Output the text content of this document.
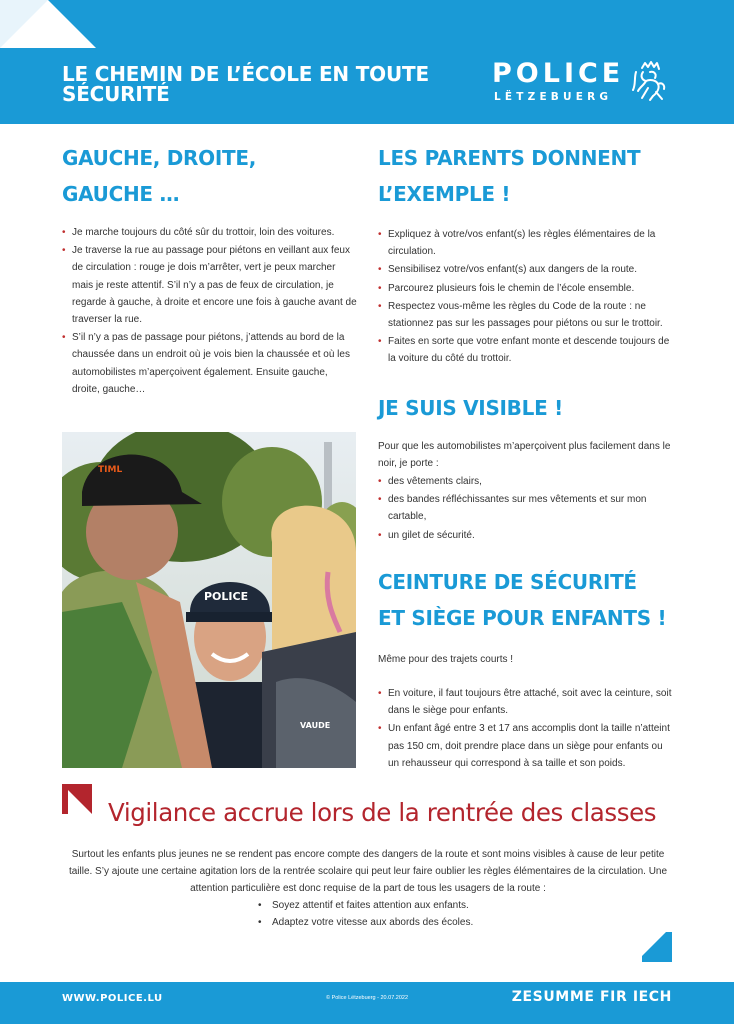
LE CHEMIN DE L’ÉCOLE EN TOUTE SÉCURITÉ
POLICE
LËTZEBUERG
GAUCHE, DROITE,
GAUCHE …
• Je marche toujours du côté sûr du trottoir, loin des voitures.
• Je traverse la rue au passage pour piétons en veillant aux feux de circulation : rouge je dois m’arrêter, vert je peux marcher mais je reste attentif. S’il n’y a pas de feux de circulation, je regarde à gauche, à droite et encore une fois à gauche avant de traverser la rue.
• S’il n’y a pas de passage pour piétons, j’attends au bord de la chaussée dans un endroit où je vois bien la chaussée et où les automobilistes m’aperçoivent également. Ensuite gauche, droite, gauche…
POLICE
TIML
VAUDE
LES PARENTS DONNENT
L’EXEMPLE !
• Expliquez à votre/vos enfant(s) les règles élémentaires de la circulation.
• Sensibilisez votre/vos enfant(s) aux dangers de la route.
• Parcourez plusieurs fois le chemin de l’école ensemble.
• Respectez vous-même les règles du Code de la route : ne stationnez pas sur les passages pour piétons ou sur le trottoir.
• Faites en sorte que votre enfant monte et descende toujours de la voiture du côté du trottoir.
JE SUIS VISIBLE !
Pour que les automobilistes m’aperçoivent plus facilement dans le noir, je porte :
• des vêtements clairs,
• des bandes réfléchissantes sur mes vêtements et sur mon cartable,
• un gilet de sécurité.
CEINTURE DE SÉCURITÉ
ET SIÈGE POUR ENFANTS !
Même pour des trajets courts !
• En voiture, il faut toujours être attaché, soit avec la ceinture, soit dans le siège pour enfants.
• Un enfant âgé entre 3 et 17 ans accomplis dont la taille n’atteint pas 150 cm, doit prendre place dans un siège pour enfants ou un rehausseur qui correspond à sa taille et son poids.
Vigilance accrue lors de la rentrée des classes
Surtout les enfants plus jeunes ne se rendent pas encore compte des dangers de la route et sont moins visibles à cause de leur petite taille. S’y ajoute une certaine agitation lors de la rentrée scolaire qui peut leur faire oublier les règles élémentaires de la circulation. Une attention particulière est donc requise de la part de tous les usagers de la route :
• Soyez attentif et faites attention aux enfants.
• Adaptez votre vitesse aux abords des écoles.
WWW.POLICE.LU	© Police Lëtzebuerg - 20.07.2022	ZESUMME FIR IECH
